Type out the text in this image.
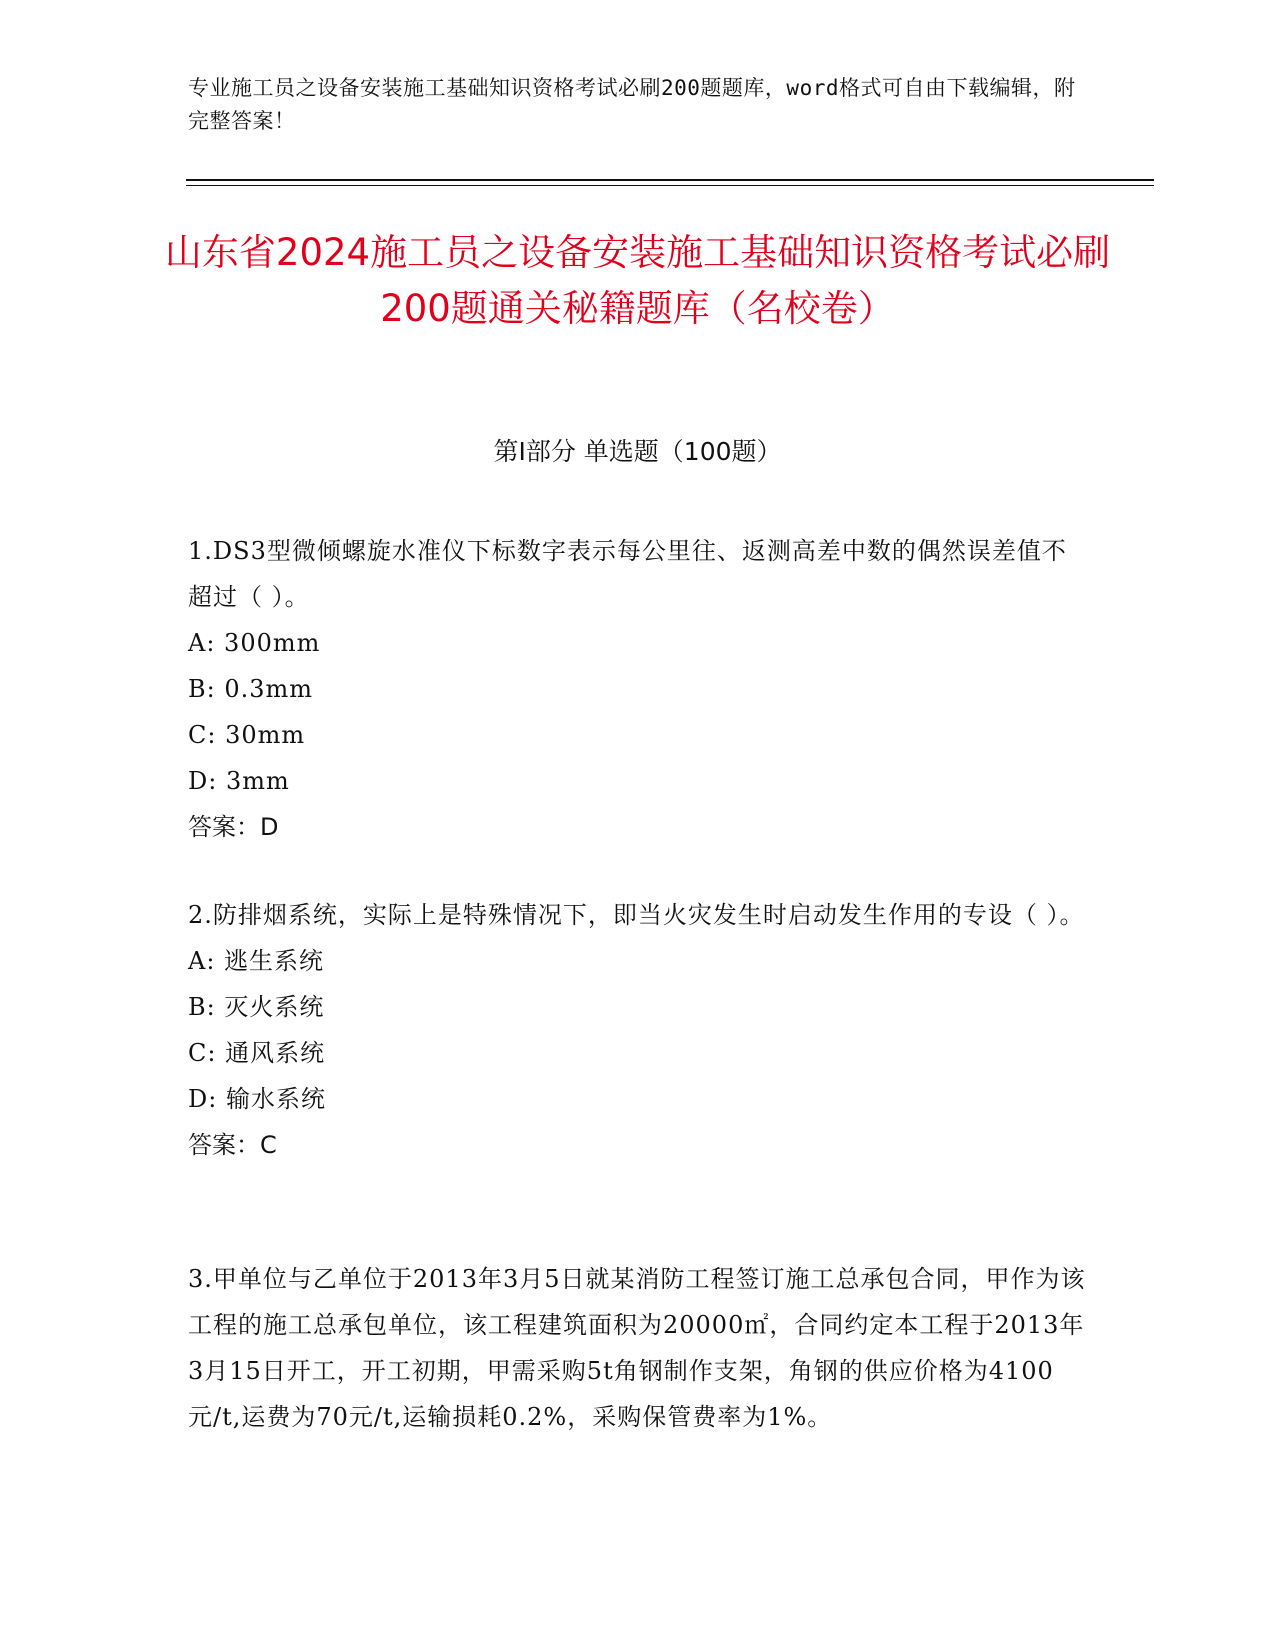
专业施工员之设备安装施工基础知识资格考试必刷200题题库，word格式可自由下载编辑，附完整答案！
山东省2024施工员之设备安装施工基础知识资格考试必刷200题通关秘籍题库（名校卷）
第I部分 单选题（100题）

1.DS3型微倾螺旋水准仪下标数字表示每公里往、返测高差中数的偶然误差值不超过（ ）。

A: 300mm

B: 0.3mm

C: 30mm

D: 3mm

答案：D

2.防排烟系统，实际上是特殊情况下，即当火灾发生时启动发生作用的专设（ ）。

A: 逃生系统

B: 灭火系统

C: 通风系统

D: 输水系统

答案：C

3.甲单位与乙单位于2013年3月5日就某消防工程签订施工总承包合同，甲作为该工程的施工总承包单位，该工程建筑面积为20000㎡，合同约定本工程于2013年3月15日开工，开工初期，甲需采购5t角钢制作支架，角钢的供应价格为4100元/t,运费为70元/t,运输损耗0.2%，采购保管费率为1%。
